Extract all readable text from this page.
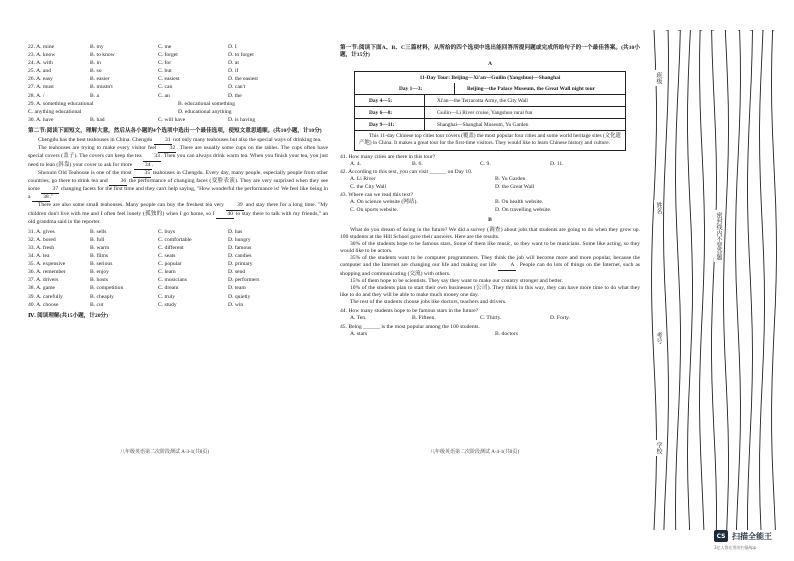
22. A. mine	B. my	C. me	D. I
23. A. know	B. to know	C. forget	D. to forget
24. A. with	B. in	C. for	D. at
25. A. and	B. so	C. but	D. if
26. A. easy	B. easier	C. easiest	D. the easiest
27. A. must	B. mustn't	C. can	D. can't
28. A. /	B. a	C. an	D. the
29. A. something educational	B. educational something
C. anything educational	D. educational anything
30. A. have	B. had	C. will have	D. is having

第二节:阅读下面短文，理解大意，然后从各小题的4个选项中选出一个最佳选项，使短文意思通顺。(共10小题，计10分)

Chengdu has the best teahouses in China. Chengdu 31 not only many teahouses but also the special ways of drinking tea.

The teahouses are trying to make every visitor feel 32. There are usually some cups on the tables. The cups often have special covers (盖子). The covers can keep the tea 33. Then you can always drink warm tea. When you finish your tea, you just need to lean (斜靠) your cover to ask for more 34.

Shuxuin Old Teahouse is one of the most 35 teahouses in Chengdu. Every day, many people, especially people from other countries, go there to drink tea and 36 the performance of changing faces (变脸表演). They are very surprised when they see some 37 changing facets for the first time and they can't help saying, "How wonderful the performance is! We feel like being in a 38."

There are also some small teahouses. Many people can buy the freshest tea very 39 and stay there for a long time. "My children don't live with me and I often feel lonely (孤独的) when I go home, so I 40 to stay there to talk with my friends," an old grandma said in the reporter.

31. A. gives	B. sells	C. buys	D. has
32. A. bored	B. full	C. comfortable	D. hungry
33. A. fresh	B. warm	C. different	D. famous
34. A. tea	B. films	C. seats	D. candies
35. A. expensive	B. serious	C. popular	D. primary
36. A. remember	B. enjoy	C. learn	D. send
37. A. drivers	B. hosts	C. musicians	D. performers
38. A. game	B. competition	C. dream	D. team
39. A. carefully	B. cheaply	C. truly	D. quietly
40. A. choose	B. cut	C. study	D. win

Ⅳ. 阅读理解(共15小题，计20分)

八年级英语第二次阶段测试 A-3-1(共8页)

第一节:阅读下面A、B、C三篇材料，从所给的四个选项中选出能回答所提问题或完成所给句子的一个最佳答案。(共10小题，计15分)

A

11-Day Tour: Beijing—Xi'an—Guilin (Yangshuo)—Shanghai
Day 1—3:	Beijing—the Palace Museum, the Great Wall night tour
Day 4—5:	Xi'an—the Terracotta Army, the City Wall
Day 6—8:	Guilin—Li River cruise, Yangshuo rural fun
Day 9—11:	Shanghai—Shanghai Museum, Yu Garden
This 11-day Chinese top cities tour covers (覆盖) the most popular four cities and some world heritage sites (文化遗产地) in China. It makes a great tour for the first-time visitors. They would like to learn Chinese history and culture.

41. How many cities are there in this tour?

A. 4.	B. 6.	C. 9.	D. 11.

42. According to this text, you can visit ______ on Day 10.

A. Li River	B. Yu Garden
C. the City Wall	D. the Great Wall

43. Where can we read this text?

A. On science website (网站).	B. On health website.
C. On sports website.	D. On travelling website.

B

What do you dream of doing in the future? We did a survey (调查) about jobs that students are going to do when they grow up. 100 students at the Hill School gave their answers. Here are the results.

30% of the students hope to be famous stars. Some of them like music, so they want to be musicians. Some like acting, so they would like to be actors.

35% of the students want to be computer programmers. They think the job will become more and more popular, because the computer and the Internet are changing our life and making our life A . People can do lots of things on the Internet, such as shopping and communicating (交流) with others.

15% of them hope to be scientists. They say they want to make our country stronger and better.

10% of the students plan to start their own businesses (公司). They think in this way, they can have more time to do what they like to do and they will be able to make much money one day.

The rest of the students choose jobs like doctors, teachers and drivers.

44. How many students hope to be famous stars in the future?

A. Ten.	B. Fifteen.	C. Thirty.	D. Forty.

45. Being ______ is the most popular among the 100 students.

A. stars	B. doctors
八年级英语第二次阶段测试 A-4-1(共8页)
班级
姓名
考号
学校
密封线内不要答题
CS 扫描全能王
3亿人都在用的扫描App
